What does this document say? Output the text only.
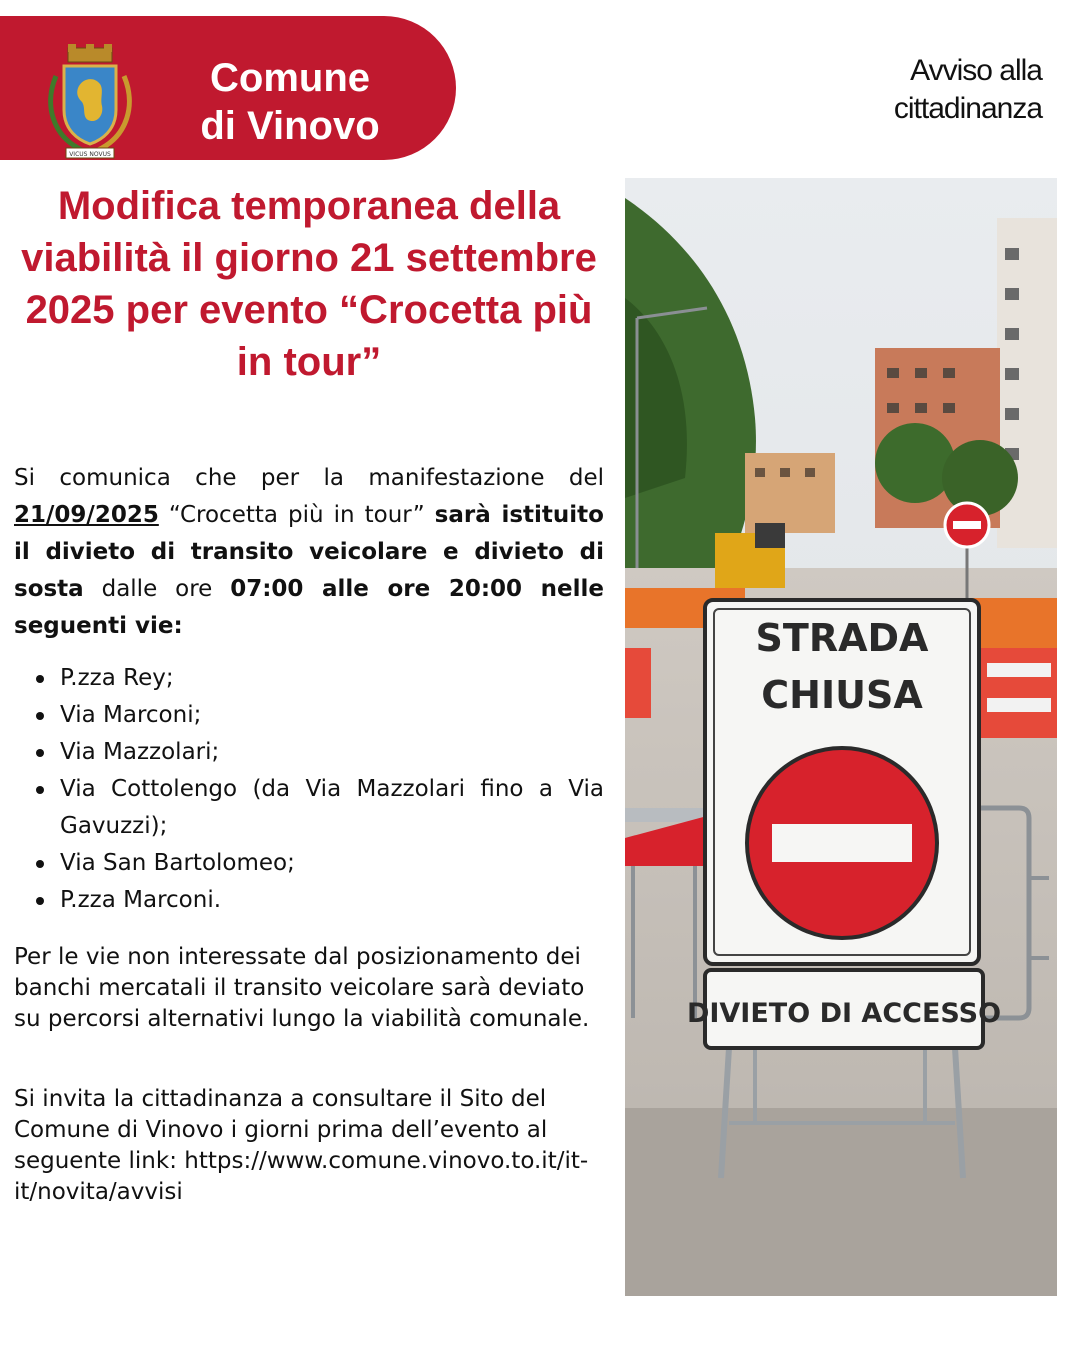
VICUS NOVUS
Comune
di Vinovo
Avviso alla
cittadinanza
Modifica temporanea della viabilità il giorno 21 settembre 2025 per evento “Crocetta più in tour”

Si comunica che per la manifestazione del 21/09/2025 “Crocetta più in tour” sarà istituito il divieto di transito veicolare e divieto di sosta dalle ore 07:00 alle ore 20:00 nelle seguenti vie:

P.zza Rey;
Via Marconi;
Via Mazzolari;
Via Cottolengo (da Via Mazzolari fino a Via Gavuzzi);
Via San Bartolomeo;
P.zza Marconi.

Per le vie non interessate dal posizionamento dei banchi mercatali il transito veicolare sarà deviato su percorsi alternativi lungo la viabilità comunale.

Si invita la cittadinanza a consultare il Sito del Comune di Vinovo i giorni prima dell’evento al seguente link: https://www.comune.vinovo.to.it/it-it/novita/avvisi

STRADA
CHIUSA
DIVIETO DI ACCESSO
